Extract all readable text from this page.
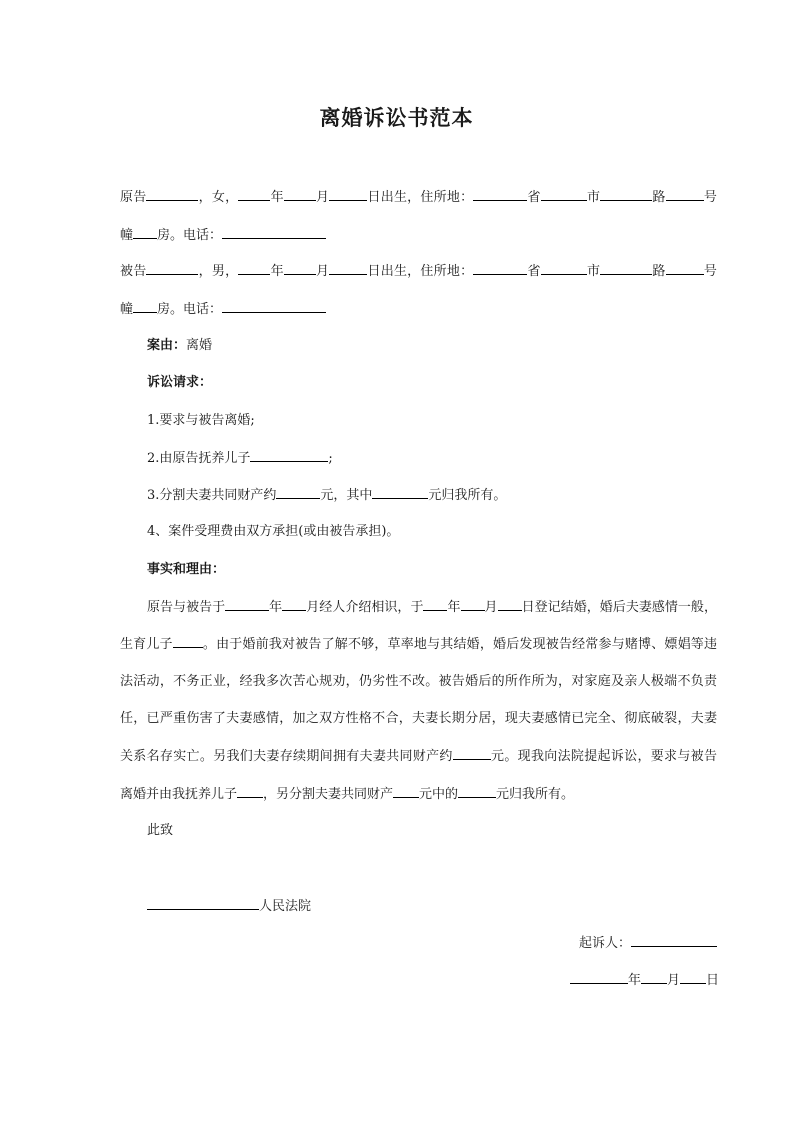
离婚诉讼书范本
原告	，女， 年 月	日出生，住所地：	省	市	路	号
幢 房。电话：
被告	，男， 年 月	日出生，住所地：	省	市	路	号
幢 房。电话：
案由：离婚
诉讼请求：
1.要求与被告离婚;
2.由原告抚养儿子	;
3.分割夫妻共同财产约	元，其中	元归我所有。
4、案件受理费由双方承担(或由被告承担)。
事实和理由：
原告与被告于	年 月经人介绍相识，于 年 月 日登记结婚，婚后夫妻感情一般，
生育儿子 。由于婚前我对被告了解不够，草率地与其结婚，婚后发现被告经常参与赌博、嫖娼等违
法活动，不务正业，经我多次苦心规劝，仍劣性不改。被告婚后的所作所为，对家庭及亲人极端不负责
任，已严重伤害了夫妻感情，加之双方性格不合，夫妻长期分居，现夫妻感情已完全、彻底破裂，夫妻
关系名存实亡。另我们夫妻存续期间拥有夫妻共同财产约	元。现我向法院提起诉讼，要求与被告
离婚并由我抚养儿子 ，另分割夫妻共同财产 元中的	元归我所有。
此致
人民法院
起诉人：
年 月 日
